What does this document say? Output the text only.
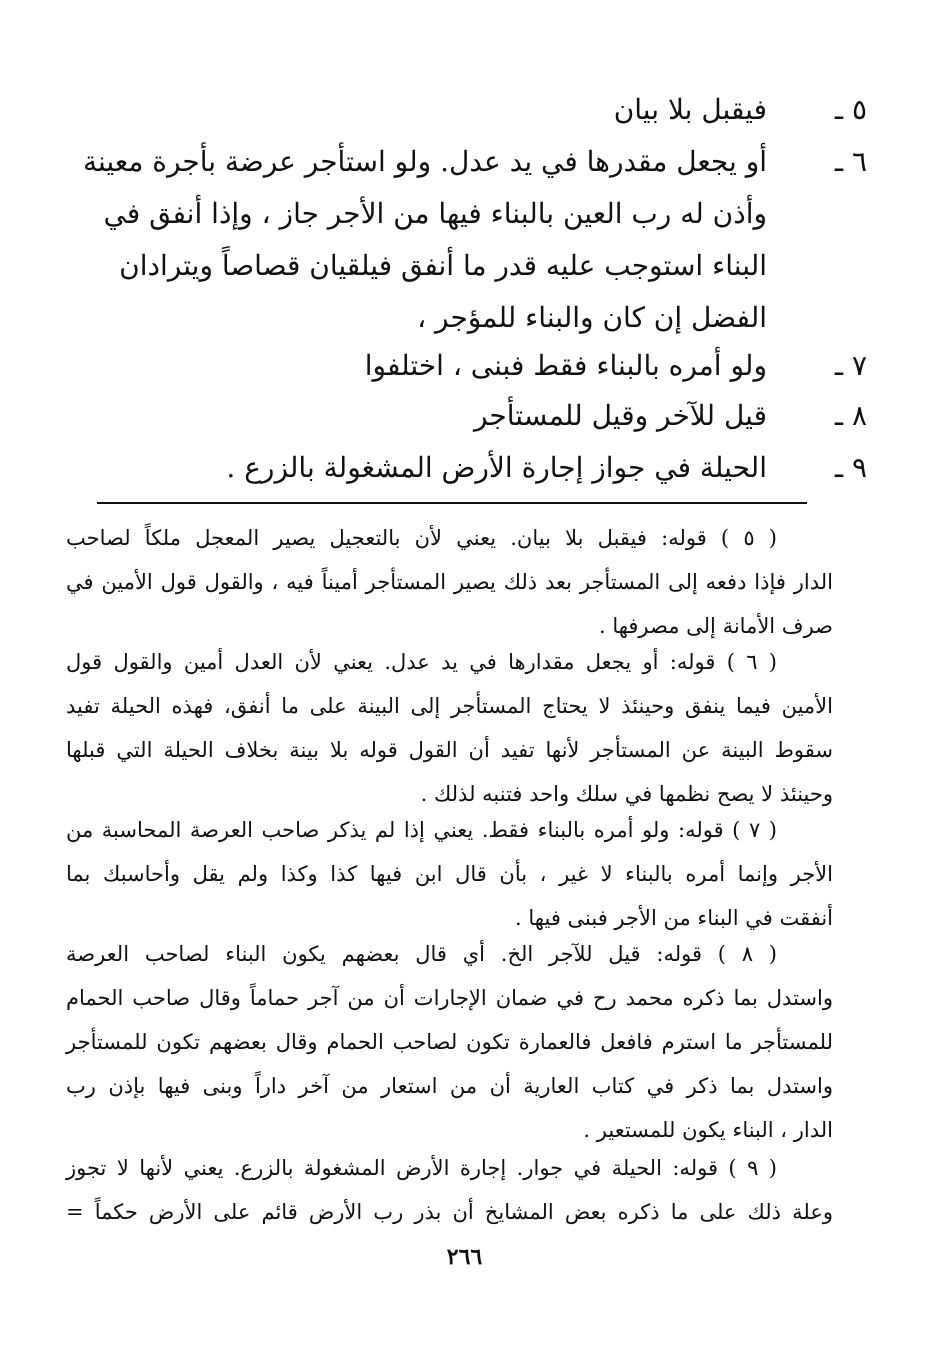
٥ ـ
فيقبل بلا بيان
٦ ـ
أو يجعل مقدرها في يد عدل. ولو استأجر عرضة بأجرة معينة
وأذن له رب العين بالبناء فيها من الأجر جاز ، وإذا أنفق في
البناء استوجب عليه قدر ما أنفق فيلقيان قصاصاً ويترادان
الفضل إن كان والبناء للمؤجر ،
٧ ـ
ولو أمره بالبناء فقط فبنى ، اختلفوا
٨ ـ
قيل للآخر وقيل للمستأجر
٩ ـ
الحيلة في جواز إجارة الأرض المشغولة بالزرع .
( ٥ ) قوله: فيقبل بلا بيان. يعني لأن بالتعجيل يصير المعجل ملكاً لصاحب
الدار فإذا دفعه إلى المستأجر بعد ذلك يصير المستأجر أميناً فيه ، والقول قول الأمين في
صرف الأمانة إلى مصرفها .
( ٦ ) قوله: أو يجعل مقدارها في يد عدل. يعني لأن العدل أمين والقول قول
الأمين فيما ينفق وحينئذ لا يحتاج المستأجر إلى البينة على ما أنفق، فهذه الحيلة تفيد
سقوط البينة عن المستأجر لأنها تفيد أن القول قوله بلا بينة بخلاف الحيلة التي قبلها
وحينئذ لا يصح نظمها في سلك واحد فتنبه لذلك .
( ٧ ) قوله: ولو أمره بالبناء فقط. يعني إذا لم يذكر صاحب العرصة المحاسبة من
الأجر وإنما أمره بالبناء لا غير ، بأن قال ابن فيها كذا وكذا ولم يقل وأحاسبك بما
أنفقت في البناء من الأجر فبنى فيها .
( ٨ ) قوله: قيل للآجر الخ. أي قال بعضهم يكون البناء لصاحب العرصة
واستدل بما ذكره محمد رح في ضمان الإجارات أن من آجر حماماً وقال صاحب الحمام
للمستأجر ما استرم فافعل فالعمارة تكون لصاحب الحمام وقال بعضهم تكون للمستأجر
واستدل بما ذكر في كتاب العارية أن من استعار من آخر داراً وبنى فيها بإذن رب
الدار ، البناء يكون للمستعير .
( ٩ ) قوله: الحيلة في جوار. إجارة الأرض المشغولة بالزرع. يعني لأنها لا تجوز
وعلة ذلك على ما ذكره بعض المشايخ أن بذر رب الأرض قائم على الأرض حكماً =
٢٦٦
